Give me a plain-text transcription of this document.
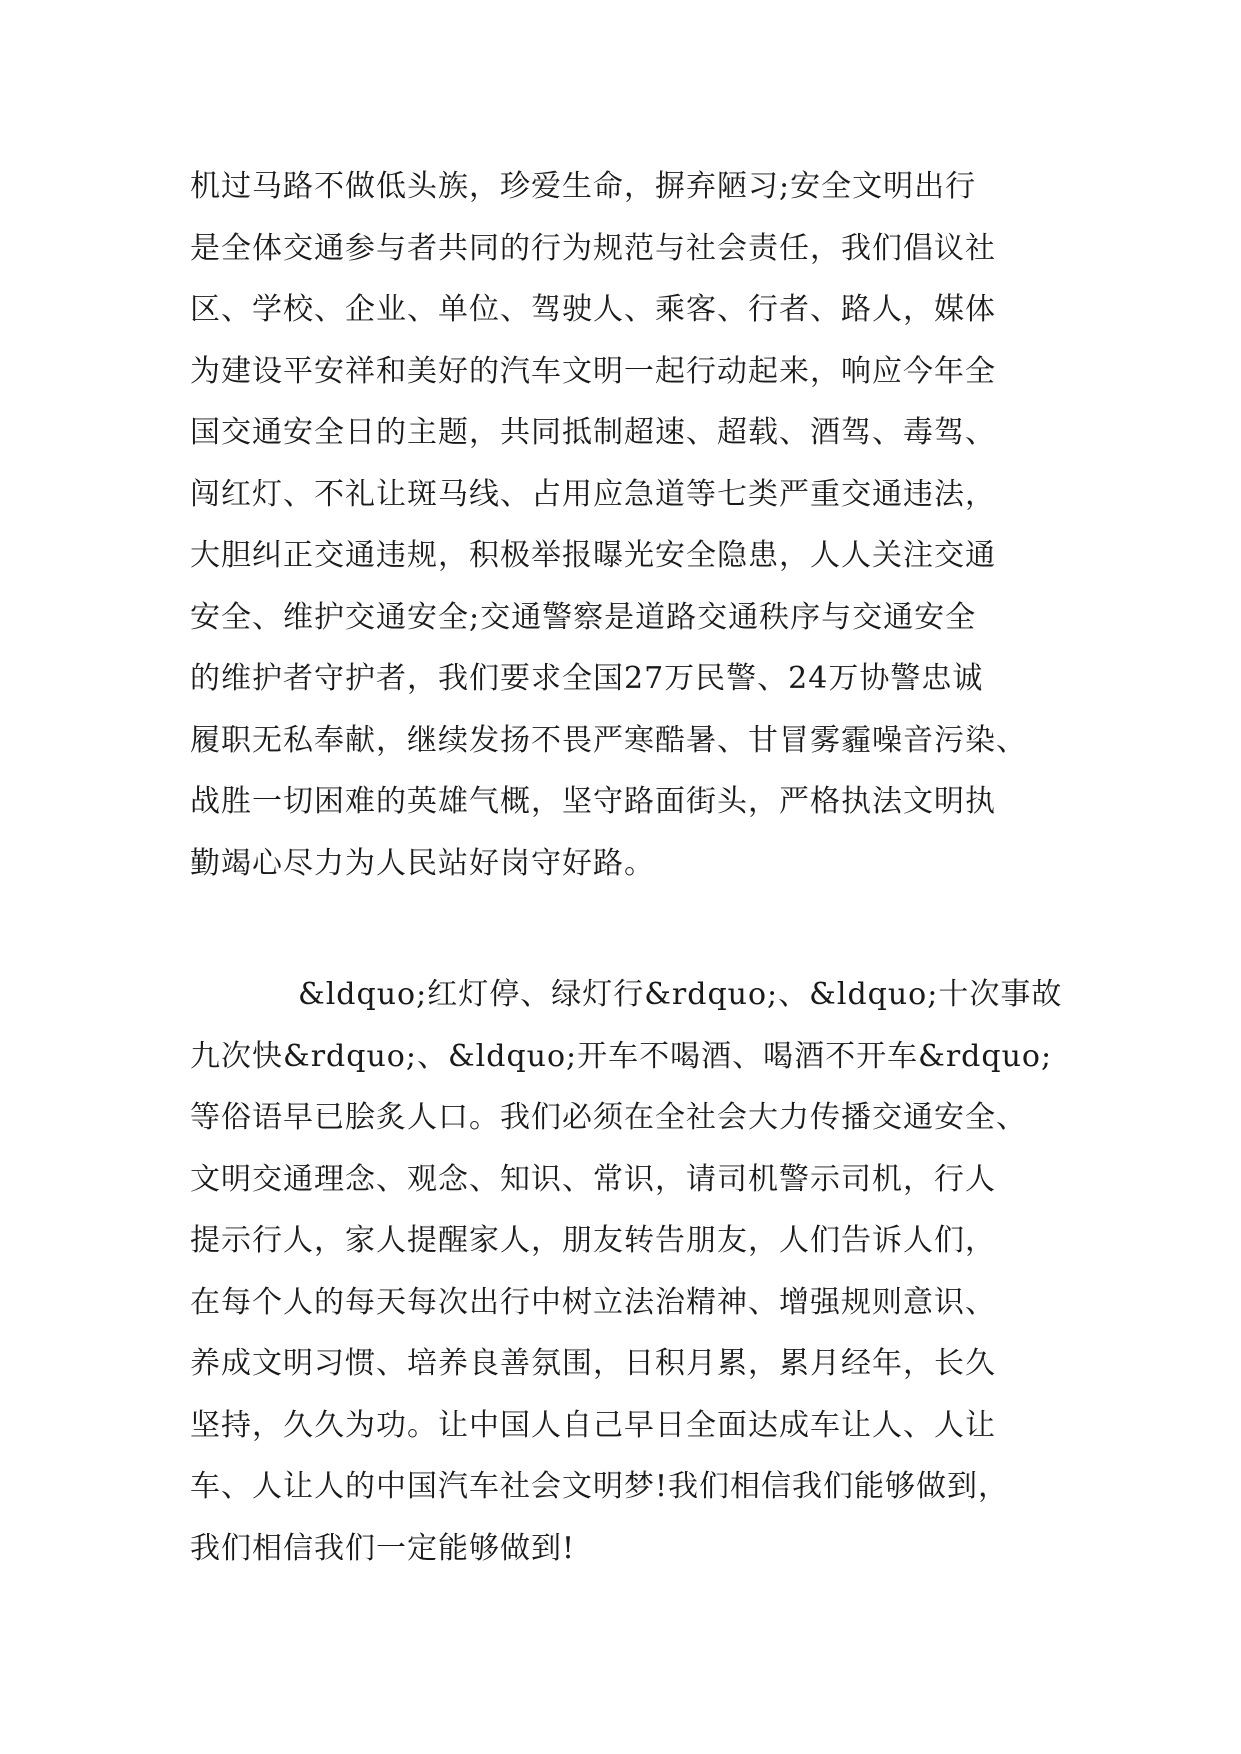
机过马路不做低头族，珍爱生命，摒弃陋习;安全文明出行
是全体交通参与者共同的行为规范与社会责任，我们倡议社
区、学校、企业、单位、驾驶人、乘客、行者、路人，媒体
为建设平安祥和美好的汽车文明一起行动起来，响应今年全
国交通安全日的主题，共同抵制超速、超载、酒驾、毒驾、
闯红灯、不礼让斑马线、占用应急道等七类严重交通违法，
大胆纠正交通违规，积极举报曝光安全隐患，人人关注交通
安全、维护交通安全;交通警察是道路交通秩序与交通安全
的维护者守护者，我们要求全国27万民警、24万协警忠诚
履职无私奉献，继续发扬不畏严寒酷暑、甘冒雾霾噪音污染、
战胜一切困难的英雄气概，坚守路面街头，严格执法文明执
勤竭心尽力为人民站好岗守好路。
&ldquo;红灯停、绿灯行&rdquo;、&ldquo;十次事故
九次快&rdquo;、&ldquo;开车不喝酒、喝酒不开车&rdquo;
等俗语早已脍炙人口。我们必须在全社会大力传播交通安全、
文明交通理念、观念、知识、常识，请司机警示司机，行人
提示行人，家人提醒家人，朋友转告朋友，人们告诉人们，
在每个人的每天每次出行中树立法治精神、增强规则意识、
养成文明习惯、培养良善氛围，日积月累，累月经年，长久
坚持，久久为功。让中国人自己早日全面达成车让人、人让
车、人让人的中国汽车社会文明梦!我们相信我们能够做到，
我们相信我们一定能够做到!
